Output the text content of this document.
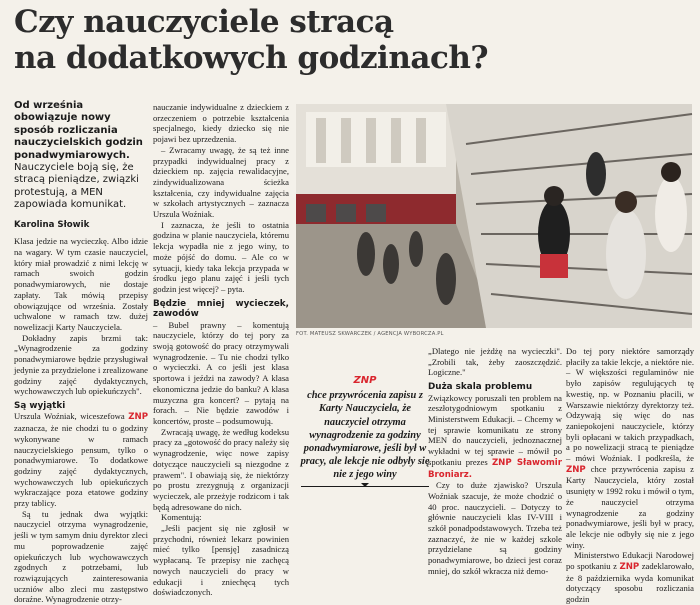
Czy nauczyciele stracą
na dodatkowych godzinach?

Od września obowiązuje nowy sposób rozliczania nauczycielskich godzin ponadwymiarowych. Nauczyciele boją się, że stracą pieniądze, związki protestują, a MEN zapowiada komunikat.

Karolina Słowik

Klasa jedzie na wycieczkę. Albo idzie na wagary. W tym czasie nauczyciel, który miał prowadzić z nimi lekcję w ramach swoich godzin ponadwymiarowych, nie dostaje zapłaty. Tak mówią przepisy obowiązujące od września. Zostały uchwalone w ramach tzw. dużej nowelizacji Karty Nauczyciela.

Dokładny zapis brzmi tak: „Wynagrodzenie za godziny ponadwymiarowe będzie przysługiwał jedynie za przydzielone i zrealizowane godziny zajęć dydaktycznych, wychowawczych lub opiekuńczych".

Są wyjątki

Urszula Woźniak, wiceszefowa ZNP zaznacza, że nie chodzi tu o godziny wykonywane w ramach nauczycielskiego pensum, tylko o ponadwymiarowe. To dodatkowe godziny zajęć dydaktycznych, wychowawczych lub opiekuńczych wykraczające poza etatowe godziny przy tablicy.

Są tu jednak dwa wyjątki: nauczyciel otrzyma wynagrodzenie, jeśli w tym samym dniu dyrektor zleci mu poprowadzenie zajęć opiekuńczych lub wychowawczych zgodnych z potrzebami, lub rozwiązujących zainteresowania uczniów albo zleci mu zastępstwo doraźne. Wynagrodzenie otrzy-

nauczanie indywidualne z dzieckiem z orzeczeniem o potrzebie kształcenia specjalnego, kiedy dziecko się nie pojawi bez uprzedzenia.

– Zwracamy uwagę, że są też inne przypadki indywidualnej pracy z dzieckiem np. zajęcia rewalidacyjne, zindywidualizowana ścieżka kształcenia, czy indywidualne zajęcia w szkołach artystycznych – zaznacza Urszula Woźniak.

I zaznacza, że jeśli to ostatnia godzina w planie nauczyciela, któremu lekcja wypadła nie z jego winy, to może pójść do domu. – Ale co w sytuacji, kiedy taka lekcja przypada w środku jego planu zajęć i jeśli tych godzin jest więcej? – pyta.

Będzie mniej wycieczek, zawodów

– Bubel prawny – komentują nauczyciele, którzy do tej pory za swoją gotowość do pracy otrzymywali wynagrodzenie. – Tu nie chodzi tylko o wycieczki. A co jeśli jest klasa sportowa i jeździ na zawody? A klasa ekonomiczna jedzie do banku? A klasa muzyczna gra koncert? – pytają na forach. – Nie będzie zawodów i koncertów, proste – podsumowują.

Zwracają uwagę, że według kodeksu pracy za „gotowość do pracy należy się wynagrodzenie, więc nowe zapisy dotyczące nauczycieli są niezgodne z prawem". I obawiają się, że niektórzy po prostu zrezygnują z organizacji wycieczek, ale przeżyje rodzicom i tak będą adresowane do nich.

Komentują:

„Jeśli pacjent się nie zgłosił w przychodni, również lekarz powinien mieć tylko [pensję] zasadniczą wypłacaną. Te przepisy nie zachęcą nowych nauczycieli do pracy w edukacji i zniechęcą tych doświadczonych.

FOT. MATEUSZ SKWARCZEK / AGENCJA WYBORCZA.PL
ZNP
chce przywrócenia zapisu z Karty Nauczyciela, że nauczyciel otrzyma wynagrodzenie za godziny ponadwymiarowe, jeśli był w pracy, ale lekcje nie odbyły się nie z jego winy

„Dlatego nie jeżdżę na wycieczki". „Zrobili tak, żeby zaoszczędzić. Logiczne."

Duża skala problemu

Związkowcy poruszali ten problem na zeszłotygodniowym spotkaniu z Ministerstwem Edukacji. – Chcemy w tej sprawie komunikatu ze strony MEN do nauczycieli, jednoznacznej wykładni w tej sprawie – mówił po spotkaniu prezes ZNP Sławomir Broniarz.

Czy to duże zjawisko? Urszula Woźniak szacuje, że może chodzić o 40 proc. nauczycieli. – Dotyczy to głównie nauczycieli klas IV-VIII i szkół ponadpodstawowych. Trzeba też zaznaczyć, że nie w każdej szkole przydzielane są godziny ponadwymiarowe, bo dzieci jest coraz mniej, do szkół wkracza niż demo-

Do tej pory niektóre samorządy płaciły za takie lekcje, a niektóre nie. – W większości regulaminów nie było zapisów regulujących tę kwestię, np. w Poznaniu płacili, w Warszawie niektórzy dyrektorzy też. Odzywają się więc do nas zaniepokojeni nauczyciele, którzy byli opłacani w takich przypadkach, a po nowelizacji stracą te pieniądze – mówi Woźniak. I podkreśla, że ZNP chce przywrócenia zapisu z Karty Nauczyciela, który został usunięty w 1992 roku i mówił o tym, że nauczyciel otrzyma wynagrodzenie za godziny ponadwymiarowe, jeśli był w pracy, ale lekcje nie odbyły się nie z jego winy.

Ministerstwo Edukacji Narodowej po spotkaniu z ZNP zadeklarowało, że 8 października wyda komunikat dotyczący sposobu rozliczania godzin
